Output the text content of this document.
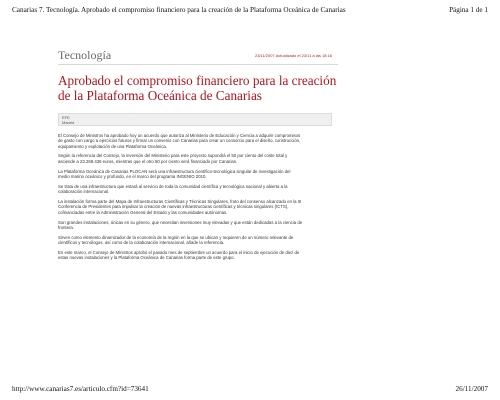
Canarias 7. Tecnología. Aprobado el compromiso financiero para la creación de la Plataforma Oceánica de Canarias	Página 1 de 1
Tecnología	23/11/2007 Actualizado el 23/11 a las 18:16
Aprobado el compromiso financiero para la creación de la Plataforma Oceánica de Canarias
EFE
Madrid

El Consejo de Ministros ha aprobado hoy un acuerdo que autoriza al Ministerio de Educación y Ciencia a adquirir compromisos de gasto con cargo a ejercicios futuros y firmar un convenio con Canarias para crear un consorcio para el diseño, construcción, equipamiento y explotación de una Plataforma Oceánica.

Según la referencia del Consejo, la inversión del Ministerio para este proyecto supondrá el 50 por ciento del coste total y asciende a 23.268.436 euros, mientras que el otro 50 por ciento será financiado por Canarias.

La Plataforma Oceánica de Canarias PLOCAN será una infraestructura científico-tecnológica singular de investigación del medio marino oceánico y profundo, en el marco del programa INGENIO 2010.

Se trata de una infraestructura que estará al servicio de toda la comunidad científica y tecnológica nacional y abierta a la colaboración internacional.

La instalación forma parte del Mapa de Infraestructuras Científicas y Técnicas Singulares, fruto del consenso alcanzado en la III Conferencia de Presidentes para impulsar la creación de nuevas infraestructuras científicas y técnicas singulares (ICTS), cofinanciadas entre la Administración General del Estado y las comunidades autónomas.

Son grandes instalaciones, únicas en su género, que necesitan inversiones muy elevadas y que están dedicadas a la ciencia de frontera.

Sirven como elemento dinamizador de la economía de la región en la que se ubican y requieren de un número relevante de científicos y tecnólogos, así como de la colaboración internacional, añade la referencia.

En este marco, el Consejo de Ministros aprobó el pasado mes de septiembre un acuerdo para el inicio de ejecución de diez de estas nuevas instalaciones y la Plataforma Oceánica de Canarias forma parte de este grupo.

http://www.canarias7.es/articulo.cfm?id=73641	26/11/2007
